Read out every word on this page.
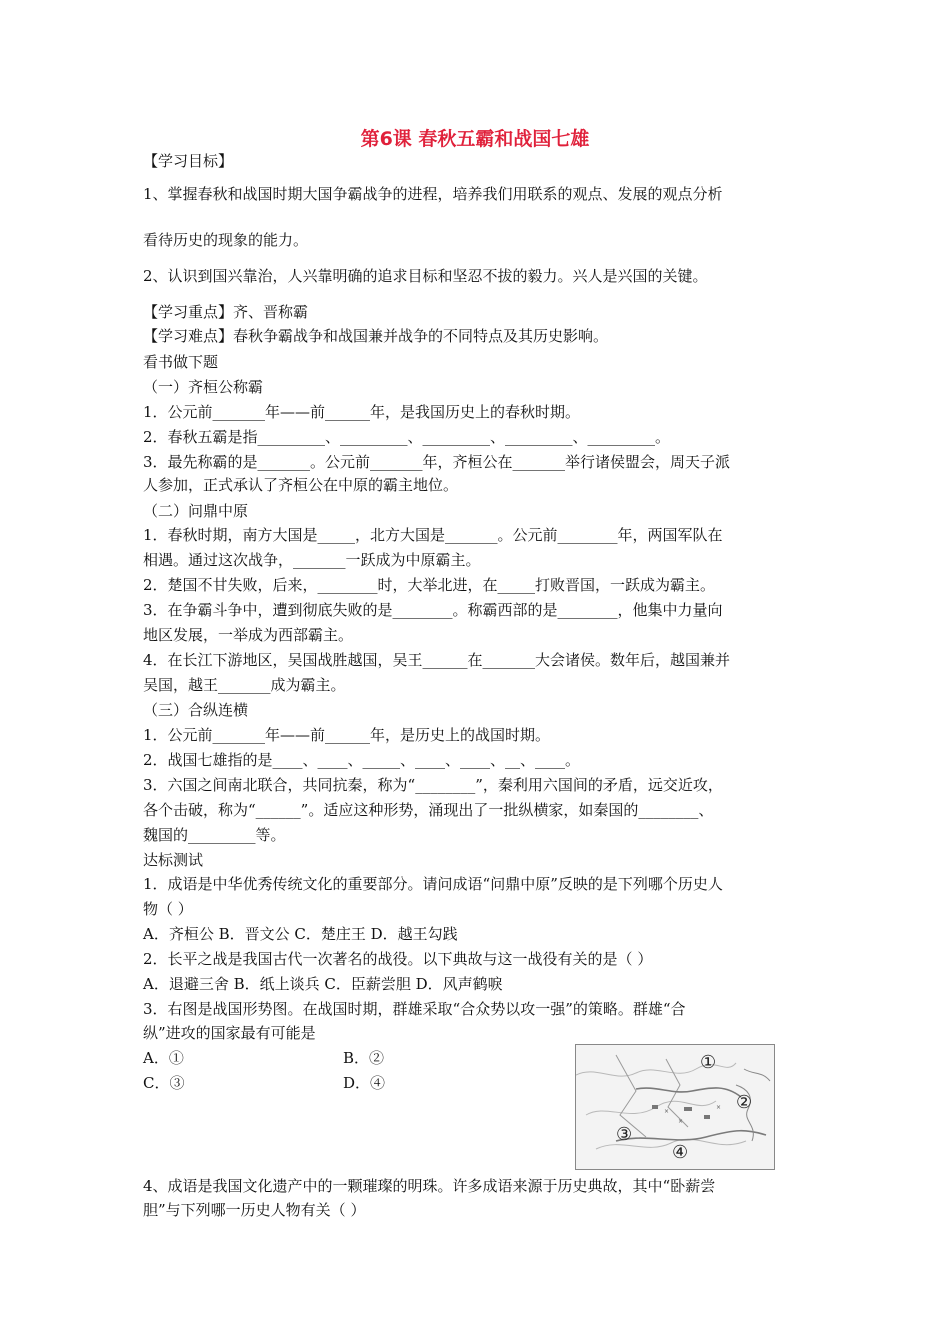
第6课 春秋五霸和战国七雄
【学习目标】
1、掌握春秋和战国时期大国争霸战争的进程，培养我们用联系的观点、发展的观点分析
看待历史的现象的能力。
2、认识到国兴靠治，人兴靠明确的追求目标和坚忍不拔的毅力。兴人是兴国的关键。
【学习重点】齐、晋称霸
【学习难点】春秋争霸战争和战国兼并战争的不同特点及其历史影响。
看书做下题
（一）齐桓公称霸
1．公元前_______年——前______年，是我国历史上的春秋时期。
2．春秋五霸是指_________、_________、_________、_________、_________。
3．最先称霸的是_______。公元前_______年，齐桓公在_______举行诸侯盟会，周天子派
人参加，正式承认了齐桓公在中原的霸主地位。
（二）问鼎中原
1．春秋时期，南方大国是_____，北方大国是_______。公元前________年，两国军队在
相遇。通过这次战争，_______一跃成为中原霸主。
2．楚国不甘失败，后来，________时，大举北进，在_____打败晋国，一跃成为霸主。
3．在争霸斗争中，遭到彻底失败的是________。称霸西部的是________，他集中力量向
地区发展，一举成为西部霸主。
4．在长江下游地区，吴国战胜越国，吴王______在_______大会诸侯。数年后，越国兼并
吴国，越王_______成为霸主。
（三）合纵连横
1．公元前_______年——前______年，是历史上的战国时期。
2．战国七雄指的是____、____、_____、____、____、__、____。
3．六国之间南北联合，共同抗秦，称为“________”，秦利用六国间的矛盾，远交近攻，
各个击破，称为“______”。适应这种形势，涌现出了一批纵横家，如秦国的________、
魏国的_________等。
达标测试
1．成语是中华优秀传统文化的重要部分。请问成语“问鼎中原”反映的是下列哪个历史人
物（ ）
A．齐桓公 B．晋文公 C．楚庄王 D．越王勾践
2．长平之战是我国古代一次著名的战役。以下典故与这一战役有关的是（ ）
A．退避三舍 B．纸上谈兵 C．臣薪尝胆 D．风声鹤唳
3．右图是战国形势图。在战国时期，群雄采取“合众势以攻一强”的策略。群雄“合
纵”进攻的国家最有可能是
A．①	B．②
C．③	D．④
×
×
×
①
②
③
④
4、成语是我国文化遗产中的一颗璀璨的明珠。许多成语来源于历史典故，其中“卧薪尝
胆”与下列哪一历史人物有关（ ）
